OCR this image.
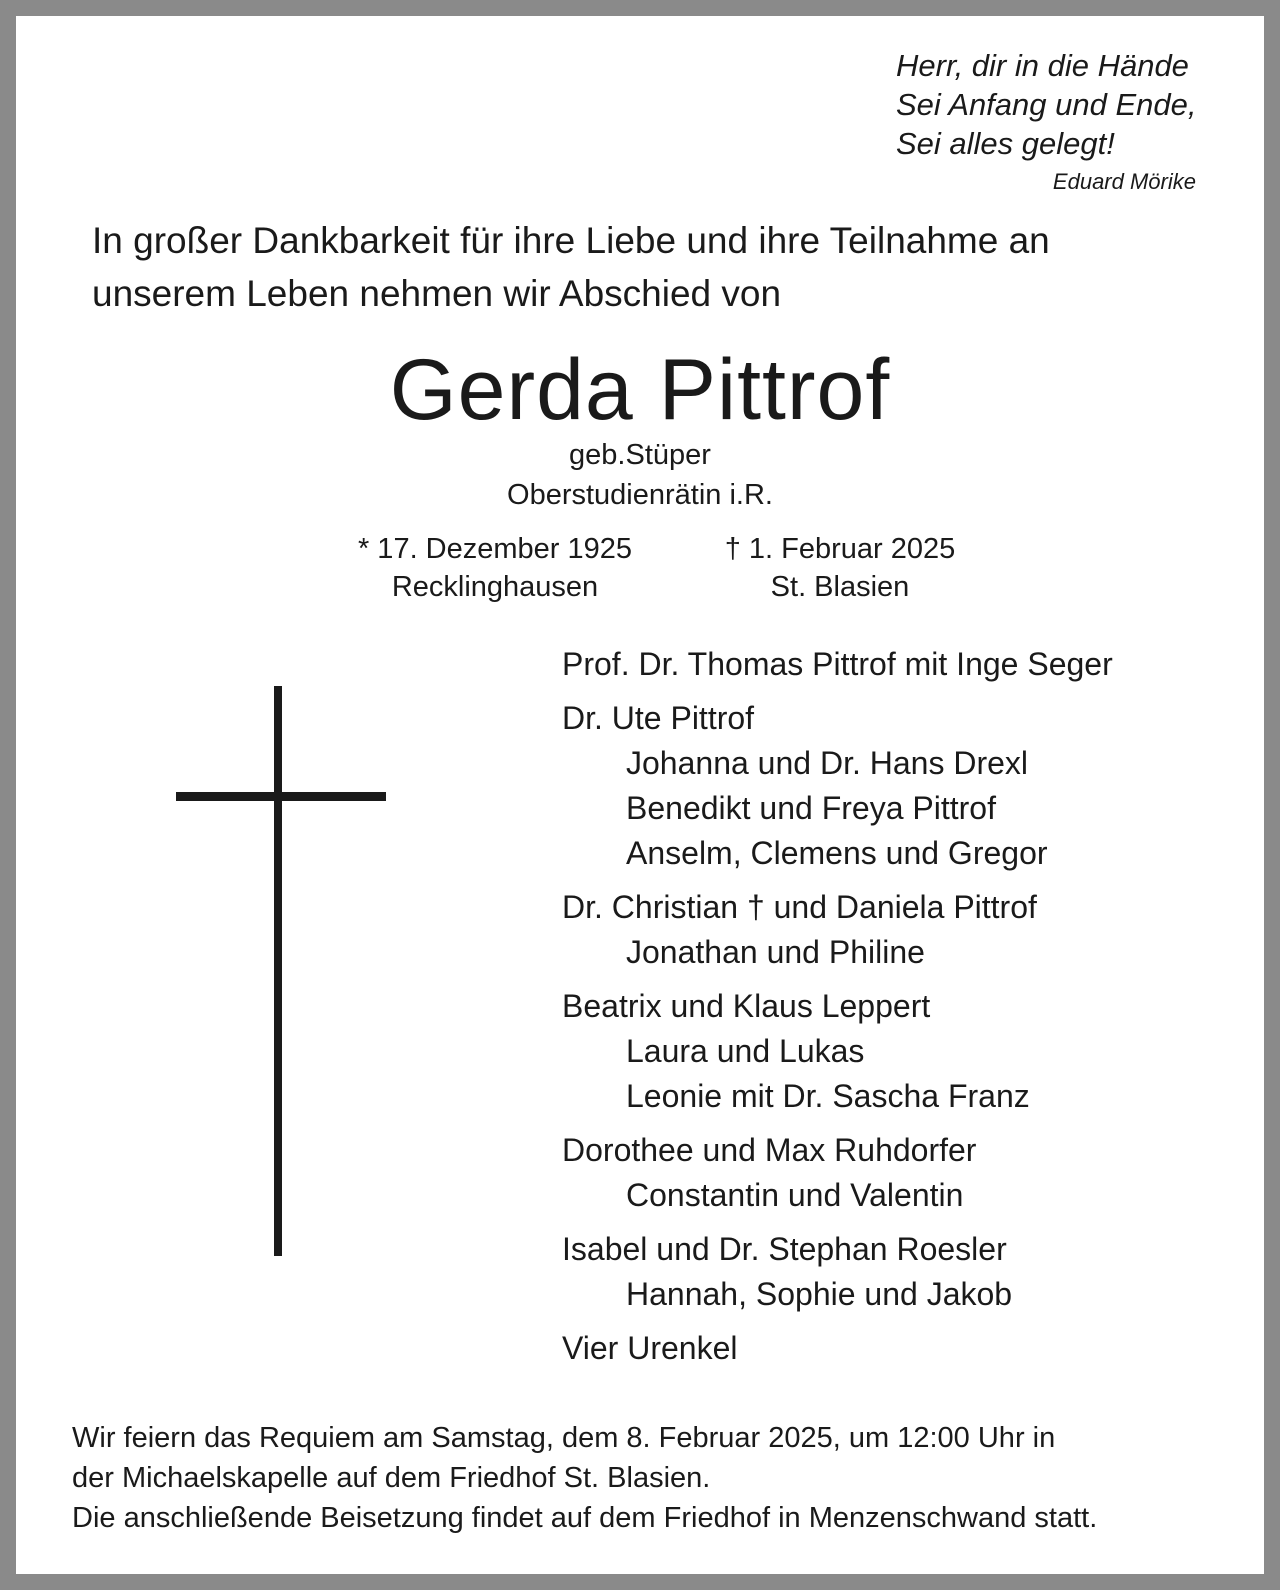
Herr, dir in die Hände
Sei Anfang und Ende,
Sei alles gelegt!
Eduard Mörike
In großer Dankbarkeit für ihre Liebe und ihre Teilnahme an
unserem Leben nehmen wir Abschied von
Gerda Pittrof
geb.Stüper
Oberstudienrätin i.R.
* 17. Dezember 1925
Recklinghausen
† 1. Februar 2025
St. Blasien
Prof. Dr. Thomas Pittrof mit Inge Seger
Dr. Ute Pittrof
Johanna und Dr. Hans Drexl
Benedikt und Freya Pittrof
Anselm, Clemens und Gregor
Dr. Christian † und Daniela Pittrof
Jonathan und Philine
Beatrix und Klaus Leppert
Laura und Lukas
Leonie mit Dr. Sascha Franz
Dorothee und Max Ruhdorfer
Constantin und Valentin
Isabel und Dr. Stephan Roesler
Hannah, Sophie und Jakob
Vier Urenkel
Wir feiern das Requiem am Samstag, dem 8. Februar 2025, um 12:00 Uhr in
der Michaelskapelle auf dem Friedhof St. Blasien.
Die anschließende Beisetzung findet auf dem Friedhof in Menzenschwand statt.
